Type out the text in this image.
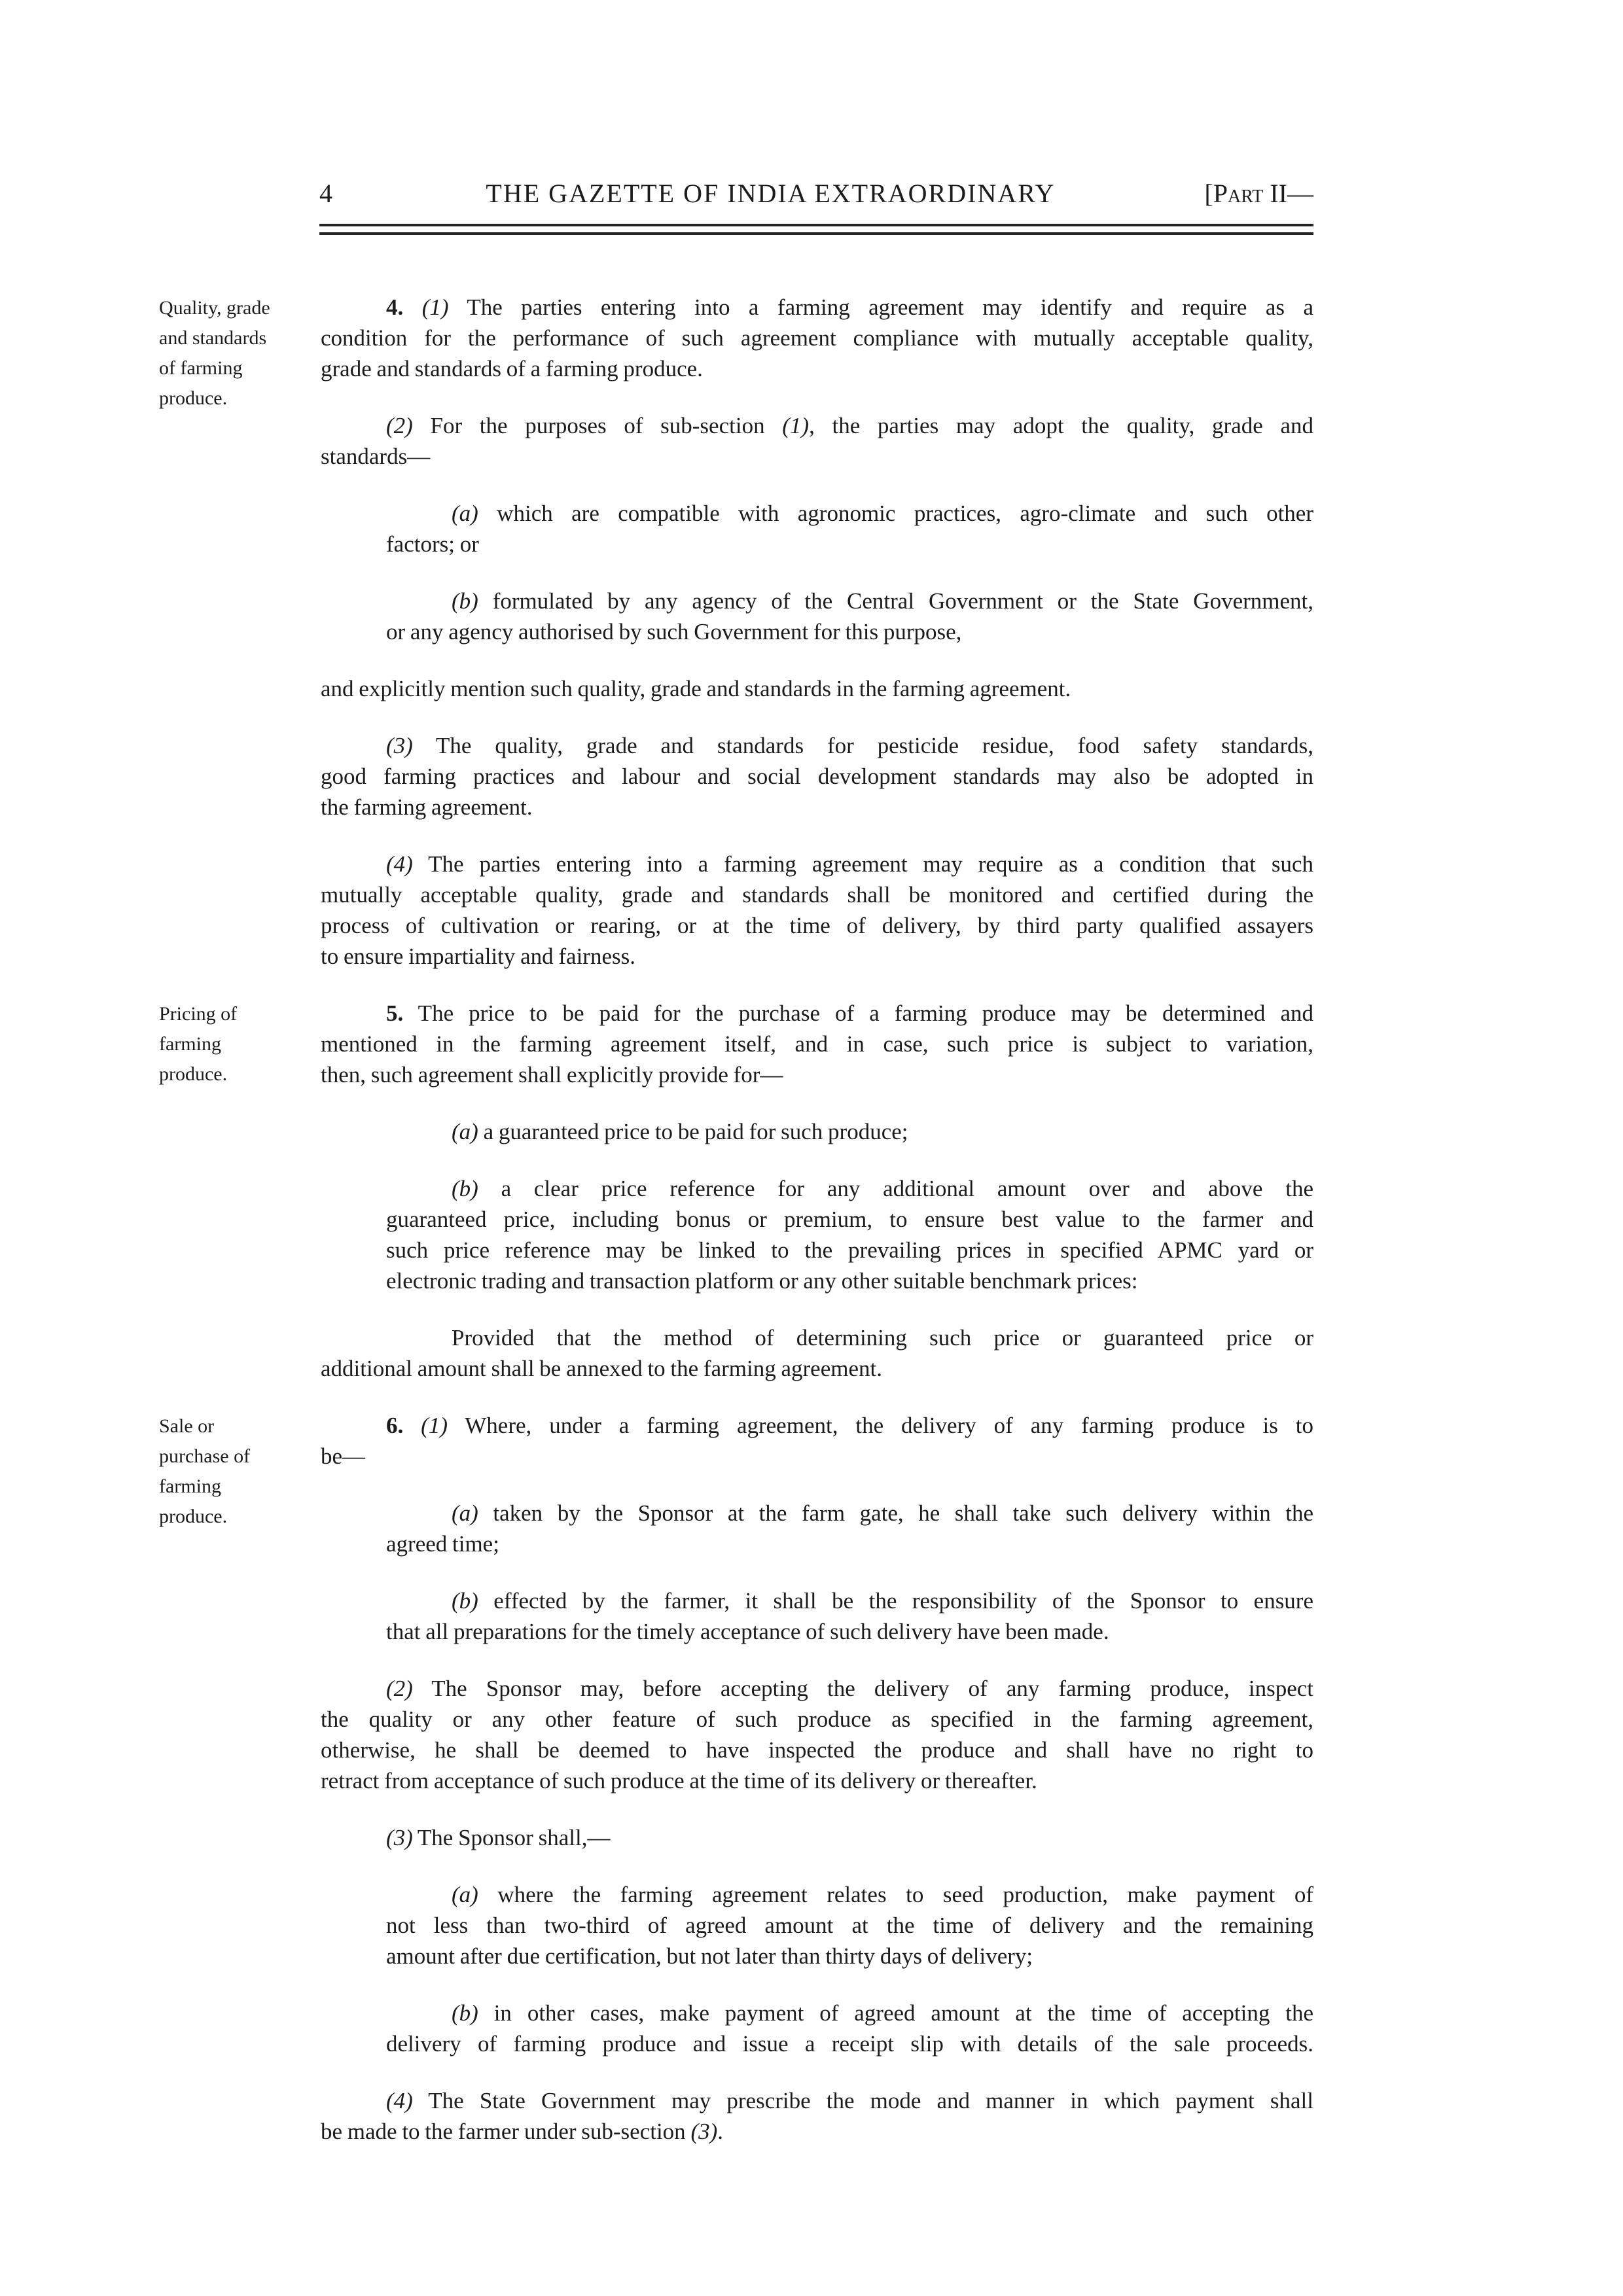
4	THE GAZETTE OF INDIA EXTRAORDINARY	[Part II—
Quality, grade
and standards
of farming
produce.
4. (1) The parties entering into a farming agreement may identify and require as a
condition for the performance of such agreement compliance with mutually acceptable quality,
grade and standards of a farming produce.
(2) For the purposes of sub-section (1), the parties may adopt the quality, grade and
standards—
(a) which are compatible with agronomic practices, agro-climate and such other
factors; or
(b) formulated by any agency of the Central Government or the State Government,
or any agency authorised by such Government for this purpose,
and explicitly mention such quality, grade and standards in the farming agreement.
(3) The quality, grade and standards for pesticide residue, food safety standards,
good farming practices and labour and social development standards may also be adopted in
the farming agreement.
(4) The parties entering into a farming agreement may require as a condition that such
mutually acceptable quality, grade and standards shall be monitored and certified during the
process of cultivation or rearing, or at the time of delivery, by third party qualified assayers
to ensure impartiality and fairness.
Pricing of
farming
produce.
5. The price to be paid for the purchase of a farming produce may be determined and
mentioned in the farming agreement itself, and in case, such price is subject to variation,
then, such agreement shall explicitly provide for—
(a) a guaranteed price to be paid for such produce;
(b) a clear price reference for any additional amount over and above the
guaranteed price, including bonus or premium, to ensure best value to the farmer and
such price reference may be linked to the prevailing prices in specified APMC yard or
electronic trading and transaction platform or any other suitable benchmark prices:
Provided that the method of determining such price or guaranteed price or
additional amount shall be annexed to the farming agreement.
Sale or
purchase of
farming
produce.
6. (1) Where, under a farming agreement, the delivery of any farming produce is to
be—
(a) taken by the Sponsor at the farm gate, he shall take such delivery within the
agreed time;
(b) effected by the farmer, it shall be the responsibility of the Sponsor to ensure
that all preparations for the timely acceptance of such delivery have been made.
(2) The Sponsor may, before accepting the delivery of any farming produce, inspect
the quality or any other feature of such produce as specified in the farming agreement,
otherwise, he shall be deemed to have inspected the produce and shall have no right to
retract from acceptance of such produce at the time of its delivery or thereafter.
(3) The Sponsor shall,—
(a) where the farming agreement relates to seed production, make payment of
not less than two-third of agreed amount at the time of delivery and the remaining
amount after due certification, but not later than thirty days of delivery;
(b) in other cases, make payment of agreed amount at the time of accepting the
delivery of farming produce and issue a receipt slip with details of the sale proceeds.
(4) The State Government may prescribe the mode and manner in which payment shall
be made to the farmer under sub-section (3).
